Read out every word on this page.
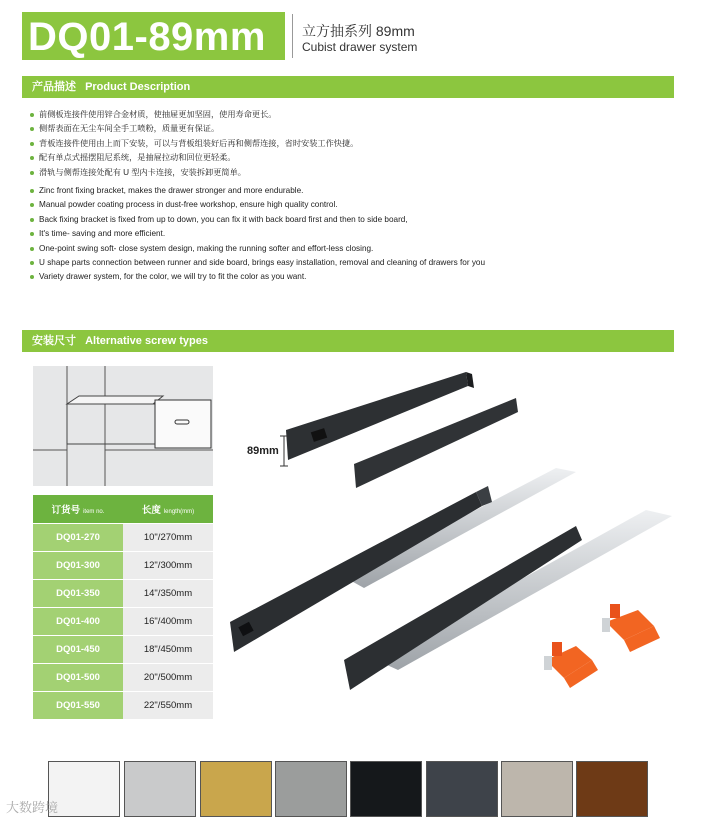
DQ01-89mm	立方抽系列 89mm
Cubist drawer system
产品描述 Product Description
前侧板连接件使用锌合金材质，使抽屉更加坚固，使用寿命更长。
侧帮表面在无尘车间全手工喷粉，质量更有保证。
背板连接件使用由上而下安装，可以与背板组装好后再和侧帮连接，省时安装工作快捷。
配有单点式摇摆阻尼系统，是抽屉拉动和回位更轻柔。
滑轨与侧帮连接处配有 U 型内卡连接，安装拆卸更简单。
Zinc front fixing bracket, makes the drawer stronger and more endurable.
Manual powder coating process in dust-free workshop, ensure high quality control.
Back fixing bracket is fixed from up to down, you can fix it with back board first and then to side board,
It's time- saving and more efficient.
One-point swing soft- close system design, making the running softer and effort-less closing.
U shape parts connection between runner and side board, brings easy installation, removal and cleaning of drawers for you
Variety drawer system, for the color, we will try to fit the color as you want.
安装尺寸 Alternative screw types
订货号 item no.	长度 length(mm)
DQ01-270	10"/270mm
DQ01-300	12"/300mm
DQ01-350	14"/350mm
DQ01-400	16"/400mm
DQ01-450	18"/450mm
DQ01-500	20"/500mm
DQ01-550	22"/550mm
89mm
大数跨境
